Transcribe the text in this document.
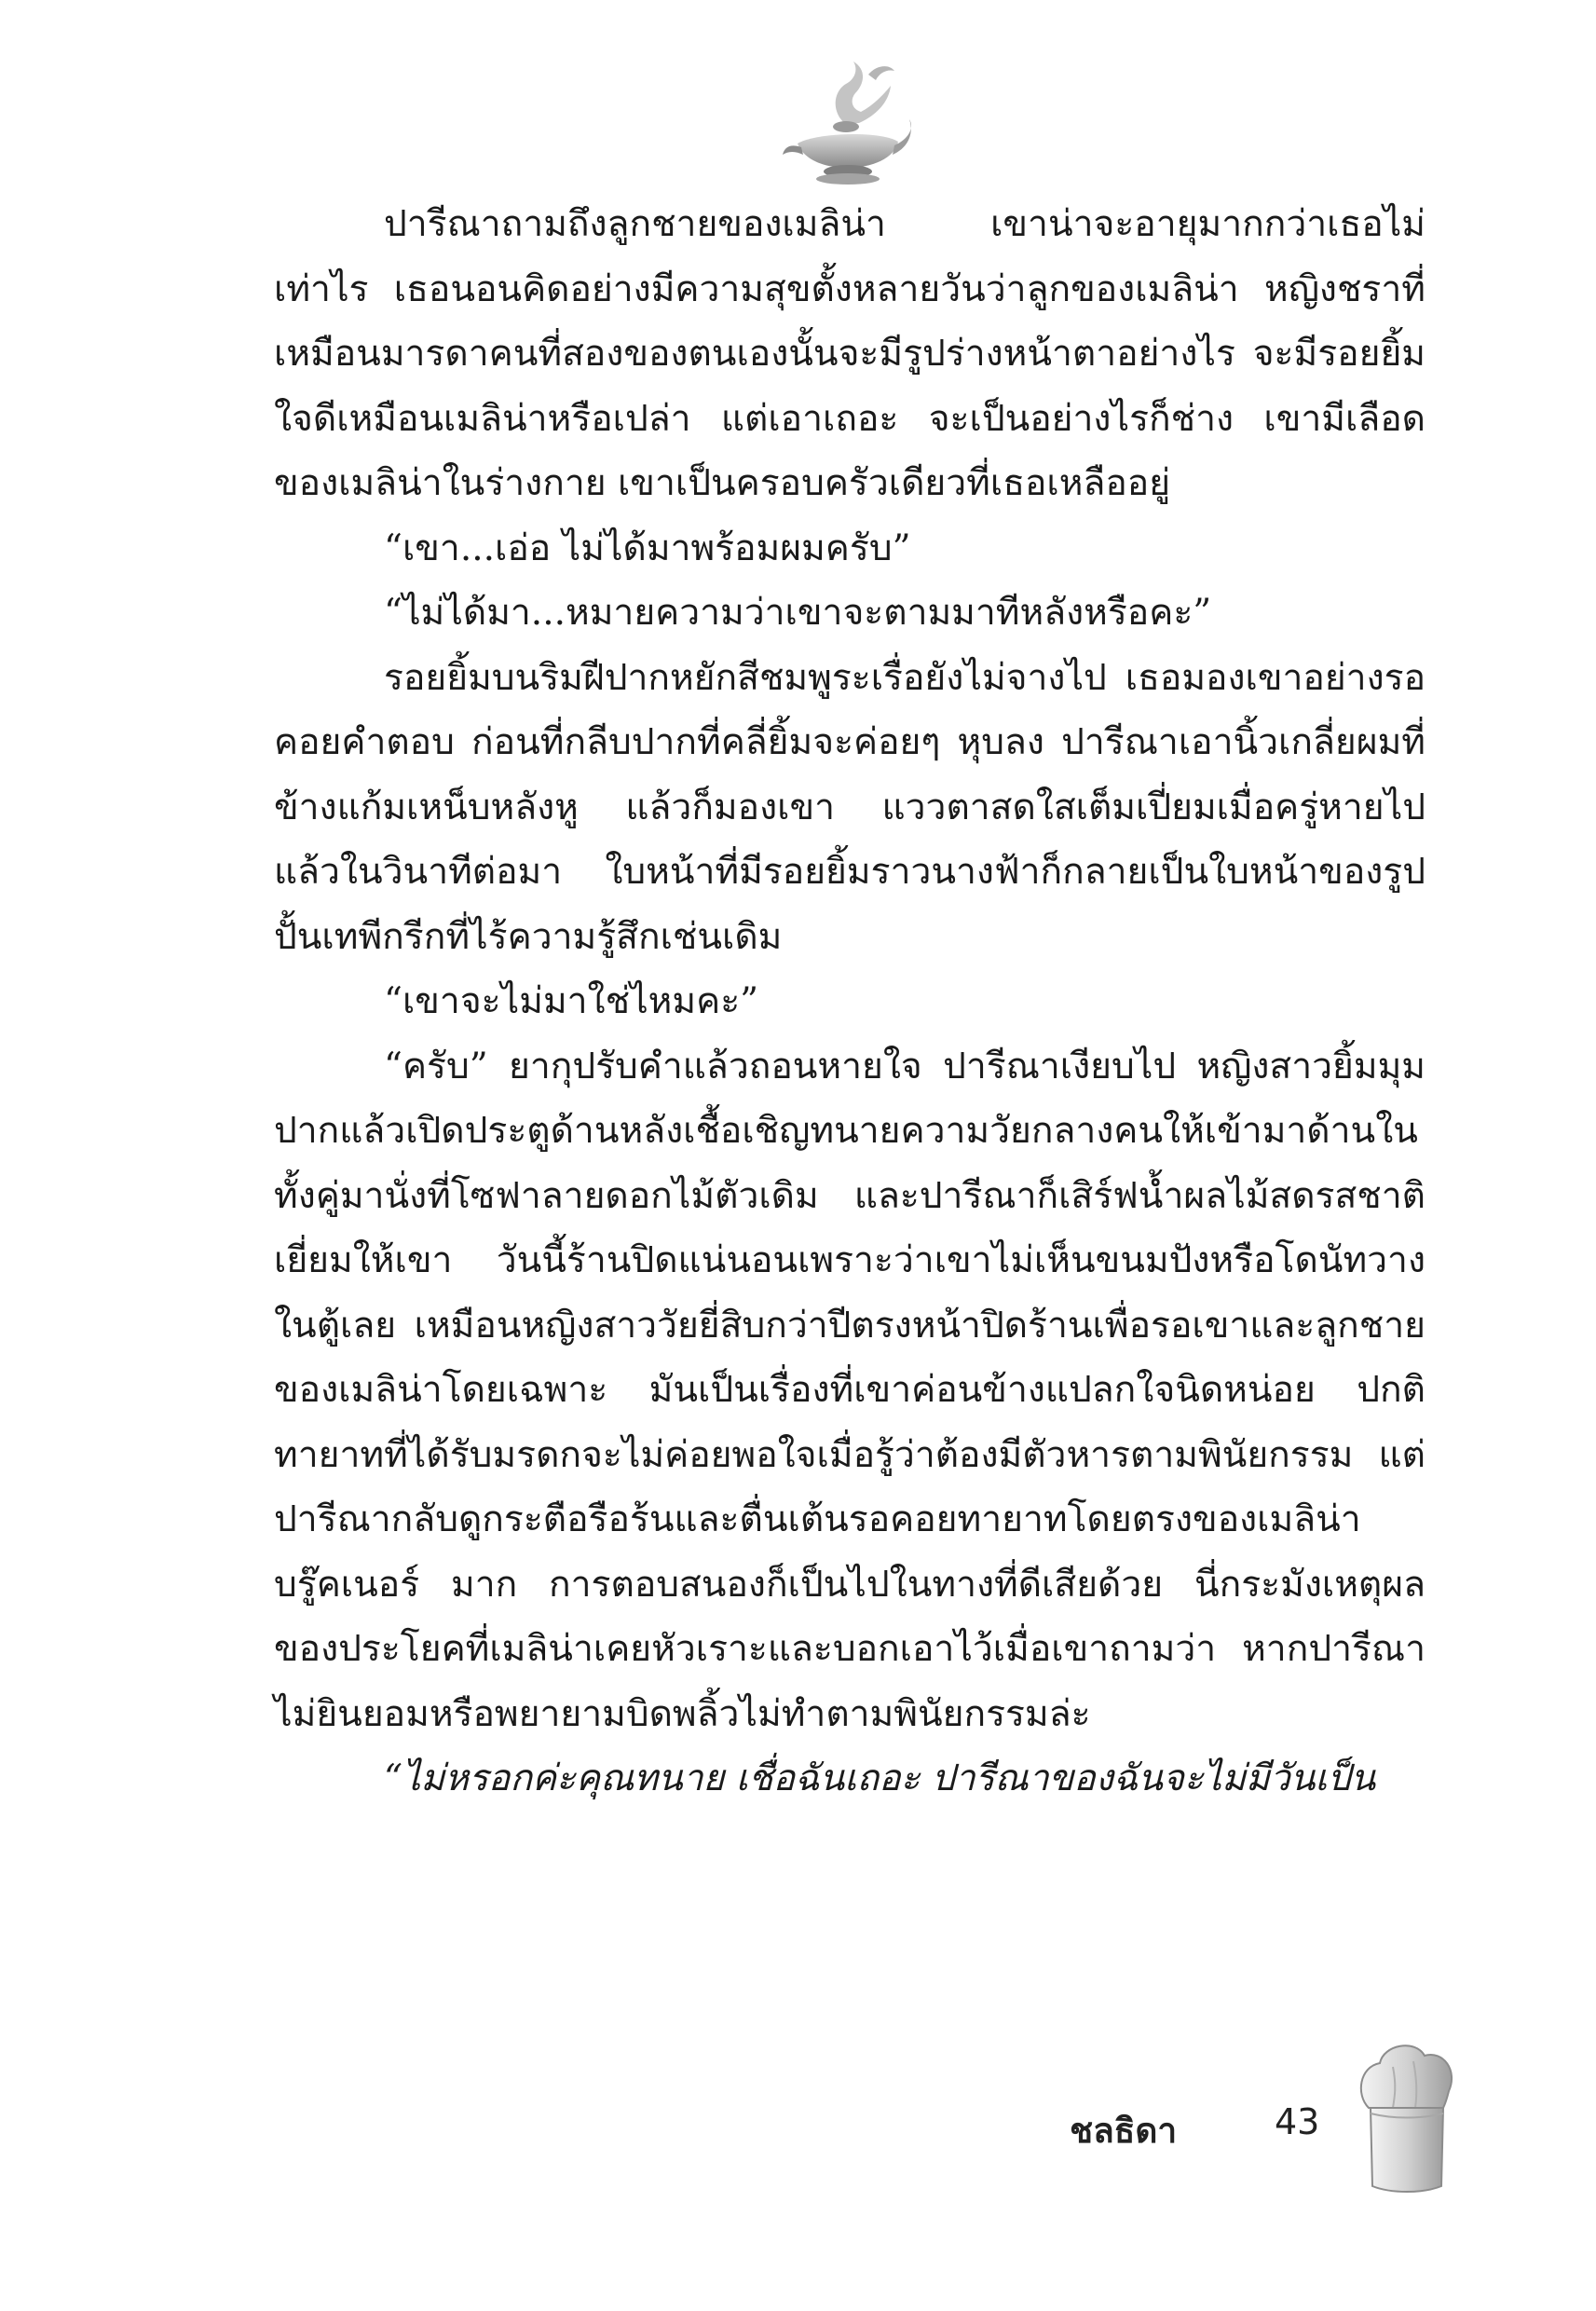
ปารีณาถามถึงลูกชายของเมลิน่า เขาน่าจะอายุมากกว่าเธอไม่เท่าไร เธอนอนคิดอย่างมีความสุขตั้งหลายวันว่าลูกของเมลิน่า หญิงชราที่เหมือนมารดาคนที่สองของตนเองนั้นจะมีรูปร่างหน้าตาอย่างไร จะมีรอยยิ้มใจดีเหมือนเมลิน่าหรือเปล่า แต่เอาเถอะ จะเป็นอย่างไรก็ช่าง เขามีเลือดของเมลิน่าในร่างกาย เขาเป็นครอบครัวเดียวที่เธอเหลืออยู่

“เขา...เอ่อ ไม่ได้มาพร้อมผมครับ”

“ไม่ได้มา...หมายความว่าเขาจะตามมาทีหลังหรือคะ”

รอยยิ้มบนริมฝีปากหยักสีชมพูระเรื่อยังไม่จางไป เธอมองเขาอย่างรอคอยคำตอบ ก่อนที่กลีบปากที่คลี่ยิ้มจะค่อยๆ หุบลง ปารีณาเอานิ้วเกลี่ยผมที่ข้างแก้มเหน็บหลังหู แล้วก็มองเขา แววตาสดใสเต็มเปี่ยมเมื่อครู่หายไป แล้วในวินาทีต่อมา ใบหน้าที่มีรอยยิ้มราวนางฟ้าก็กลายเป็นใบหน้าของรูปปั้นเทพีกรีกที่ไร้ความรู้สึกเช่นเดิม

“เขาจะไม่มาใช่ไหมคะ”

“ครับ” ยากุปรับคำแล้วถอนหายใจ ปารีณาเงียบไป หญิงสาวยิ้มมุมปากแล้วเปิดประตูด้านหลังเชื้อเชิญทนายความวัยกลางคนให้เข้ามาด้านใน ทั้งคู่มานั่งที่โซฟาลายดอกไม้ตัวเดิม และปารีณาก็เสิร์ฟน้ำผลไม้สดรสชาติเยี่ยมให้เขา วันนี้ร้านปิดแน่นอนเพราะว่าเขาไม่เห็นขนมปังหรือโดนัทวางในตู้เลย เหมือนหญิงสาววัยยี่สิบกว่าปีตรงหน้าปิดร้านเพื่อรอเขาและลูกชายของเมลิน่าโดยเฉพาะ มันเป็นเรื่องที่เขาค่อนข้างแปลกใจนิดหน่อย ปกติทายาทที่ได้รับมรดกจะไม่ค่อยพอใจเมื่อรู้ว่าต้องมีตัวหารตามพินัยกรรม แต่ปารีณากลับดูกระตือรือร้นและตื่นเต้นรอคอยทายาทโดยตรงของเมลิน่า บรู๊คเนอร์ มาก การตอบสนองก็เป็นไปในทางที่ดีเสียด้วย นี่กระมังเหตุผลของประโยคที่เมลิน่าเคยหัวเราะและบอกเอาไว้เมื่อเขาถามว่า หากปารีณาไม่ยินยอมหรือพยายามบิดพลิ้วไม่ทำตามพินัยกรรมล่ะ

“ไม่หรอกค่ะคุณทนาย เชื่อฉันเถอะ ปารีณาของฉันจะไม่มีวันเป็น

ชลธิดา	43
